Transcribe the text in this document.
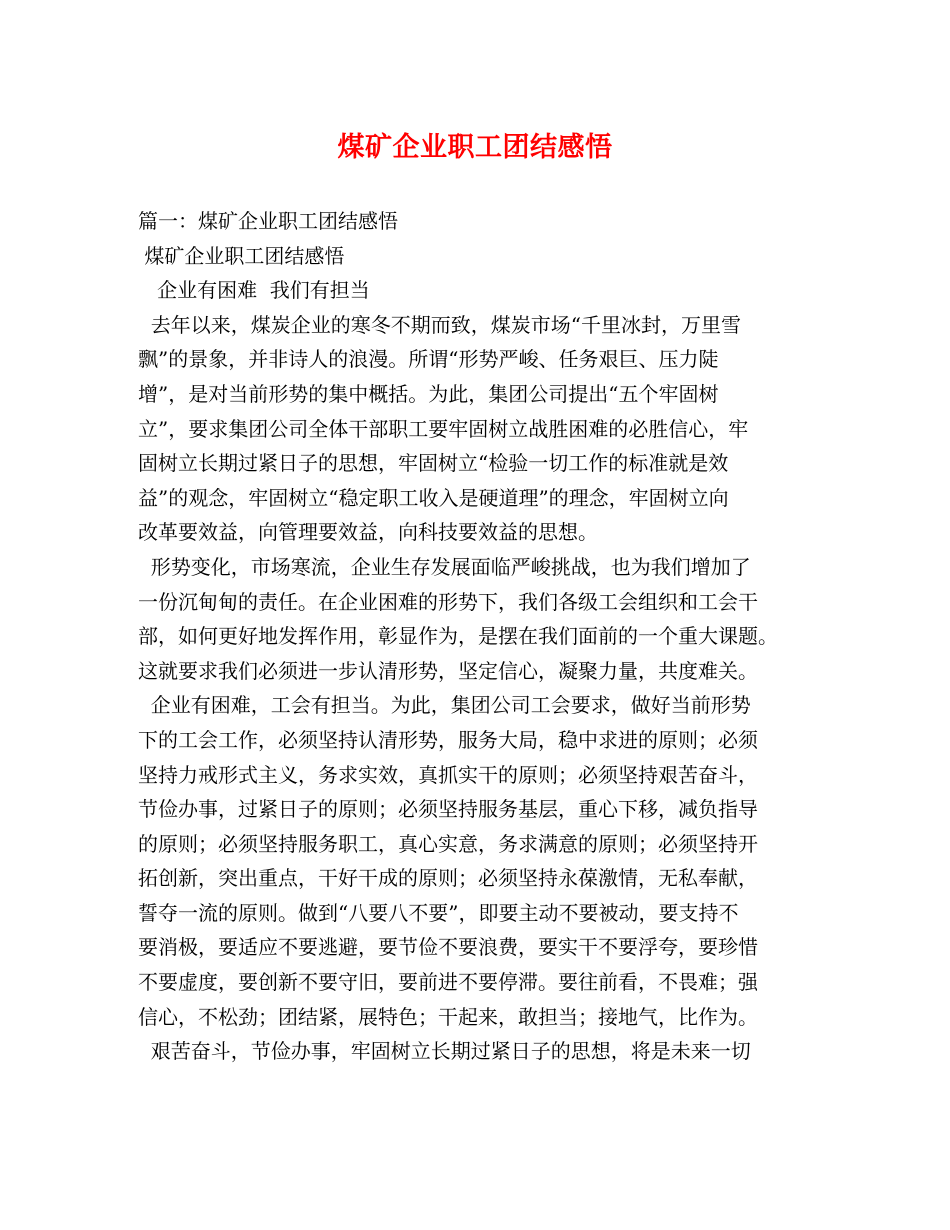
煤矿企业职工团结感悟
篇一：煤矿企业职工团结感悟
煤矿企业职工团结感悟
企业有困难  我们有担当
去年以来，煤炭企业的寒冬不期而致，煤炭市场“千里冰封，万里雪
飘”的景象，并非诗人的浪漫。所谓“形势严峻、任务艰巨、压力陡
增”，是对当前形势的集中概括。为此，集团公司提出“五个牢固树
立”，要求集团公司全体干部职工要牢固树立战胜困难的必胜信心，牢
固树立长期过紧日子的思想，牢固树立“检验一切工作的标准就是效
益”的观念，牢固树立“稳定职工收入是硬道理”的理念，牢固树立向
改革要效益，向管理要效益，向科技要效益的思想。
形势变化，市场寒流，企业生存发展面临严峻挑战，也为我们增加了
一份沉甸甸的责任。在企业困难的形势下，我们各级工会组织和工会干
部，如何更好地发挥作用，彰显作为，是摆在我们面前的一个重大课题。
这就要求我们必须进一步认清形势，坚定信心，凝聚力量，共度难关。
企业有困难，工会有担当。为此，集团公司工会要求，做好当前形势
下的工会工作，必须坚持认清形势，服务大局，稳中求进的原则；必须
坚持力戒形式主义，务求实效，真抓实干的原则；必须坚持艰苦奋斗，
节俭办事，过紧日子的原则；必须坚持服务基层，重心下移，减负指导
的原则；必须坚持服务职工，真心实意，务求满意的原则；必须坚持开
拓创新，突出重点，干好干成的原则；必须坚持永葆激情，无私奉献，
誓夺一流的原则。做到“八要八不要”，即要主动不要被动，要支持不
要消极，要适应不要逃避，要节俭不要浪费，要实干不要浮夸，要珍惜
不要虚度，要创新不要守旧，要前进不要停滞。要往前看，不畏难；强
信心，不松劲；团结紧，展特色；干起来，敢担当；接地气，比作为。
艰苦奋斗，节俭办事，牢固树立长期过紧日子的思想，将是未来一切
